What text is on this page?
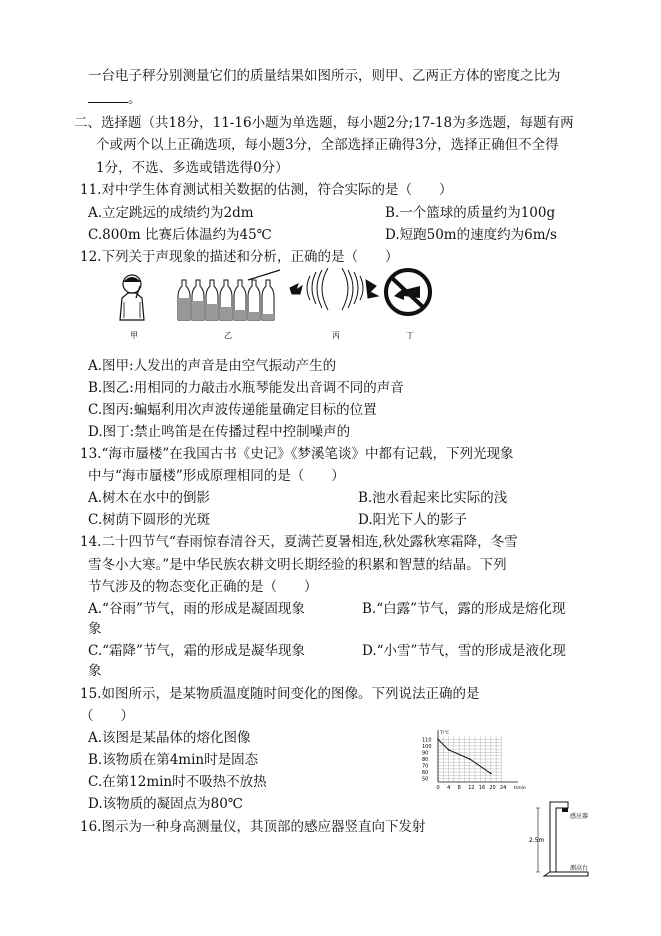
一台电子秤分别测量它们的质量结果如图所示，则甲、乙两正方体的密度之比为
。
二、选择题（共18分，11-16小题为单选题，每小题2分;17-18为多选题，每题有两
个或两个以上正确选项，每小题3分，全部选择正确得3分，选择正确但不全得
1分，不选、多选或错选得0分）
11.对中学生体育测试相关数据的估测，符合实际的是（　　）
A.立定跳远的成绩约为2dm	B.一个篮球的质量约为100g
C.800m 比赛后体温约为45℃	D.短跑50m的速度约为6m/s
12.下列关于声现象的描述和分析，正确的是（　　）
甲	乙	丙	丁
A.图甲:人发出的声音是由空气振动产生的
B.图乙:用相同的力敲击水瓶琴能发出音调不同的声音
C.图丙:蝙蝠利用次声波传递能量确定目标的位置
D.图丁:禁止鸣笛是在传播过程中控制噪声的
13.“海市蜃楼”在我国古书《史记》《梦溪笔谈》中都有记载，下列光现象
中与“海市蜃楼”形成原理相同的是（　　）
A.树木在水中的倒影	B.池水看起来比实际的浅
C.树荫下圆形的光斑	D.阳光下人的影子
14.二十四节气“春雨惊春清谷天，夏满芒夏暑相连,秋处露秋寒霜降，冬雪
雪冬小大寒。”是中华民族农耕文明长期经验的积累和智慧的结晶。下列
节气涉及的物态变化正确的是（　　）
A.“谷雨”节气，雨的形成是凝固现象	B.“白露”节气，露的形成是熔化现
象
C.“霜降”节气，霜的形成是凝华现象	D.“小雪”节气，雪的形成是液化现
象
15.如图所示，是某物质温度随时间变化的图像。下列说法正确的是
（　　）
A.该图是某晶体的熔化图像
B.该物质在第4min时是固态
C.在第12min时不吸热不放热
D.该物质的凝固点为80℃
0 4 8 12 16 20 24
110
100
90
80
70
60
50
t/min
T/℃
16.图示为一种身高测量仪，其顶部的感应器竖直向下发射
感应器
2.5m
测高台
